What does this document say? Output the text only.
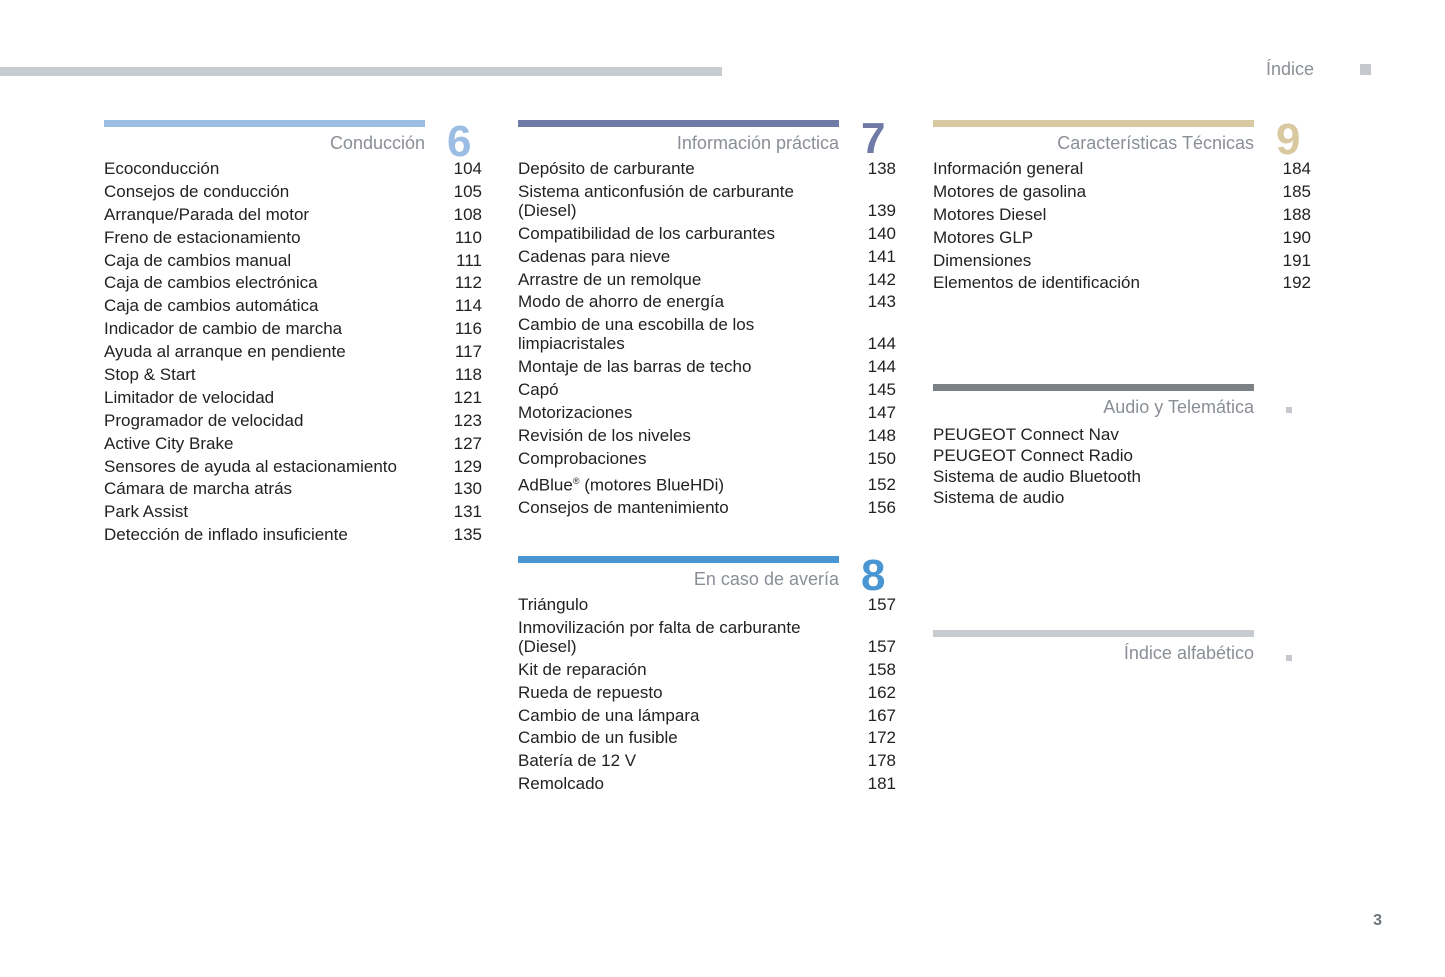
Índice
Conducción 6
Ecoconducción	104
Consejos de conducción	105
Arranque/Parada del motor	108
Freno de estacionamiento	110
Caja de cambios manual	111
Caja de cambios electrónica	112
Caja de cambios automática	114
Indicador de cambio de marcha	116
Ayuda al arranque en pendiente	117
Stop & Start	118
Limitador de velocidad	121
Programador de velocidad	123
Active City Brake	127
Sensores de ayuda al estacionamiento	129
Cámara de marcha atrás	130
Park Assist	131
Detección de inflado insuficiente	135
Información práctica 7
Depósito de carburante	138
Sistema anticonfusión de carburante (Diesel)	139
Compatibilidad de los carburantes	140
Cadenas para nieve	141
Arrastre de un remolque	142
Modo de ahorro de energía	143
Cambio de una escobilla de los limpiacristales	144
Montaje de las barras de techo	144
Capó	145
Motorizaciones	147
Revisión de los niveles	148
Comprobaciones	150
AdBlue® (motores BlueHDi)	152
Consejos de mantenimiento	156
En caso de avería 8
Triángulo	157
Inmovilización por falta de carburante (Diesel)	157
Kit de reparación	158
Rueda de repuesto	162
Cambio de una lámpara	167
Cambio de un fusible	172
Batería de 12 V	178
Remolcado	181
Características Técnicas 9
Información general	184
Motores de gasolina	185
Motores Diesel	188
Motores GLP	190
Dimensiones	191
Elementos de identificación	192
Audio y Telemática
PEUGEOT Connect Nav
PEUGEOT Connect Radio
Sistema de audio Bluetooth
Sistema de audio
Índice alfabético
3
